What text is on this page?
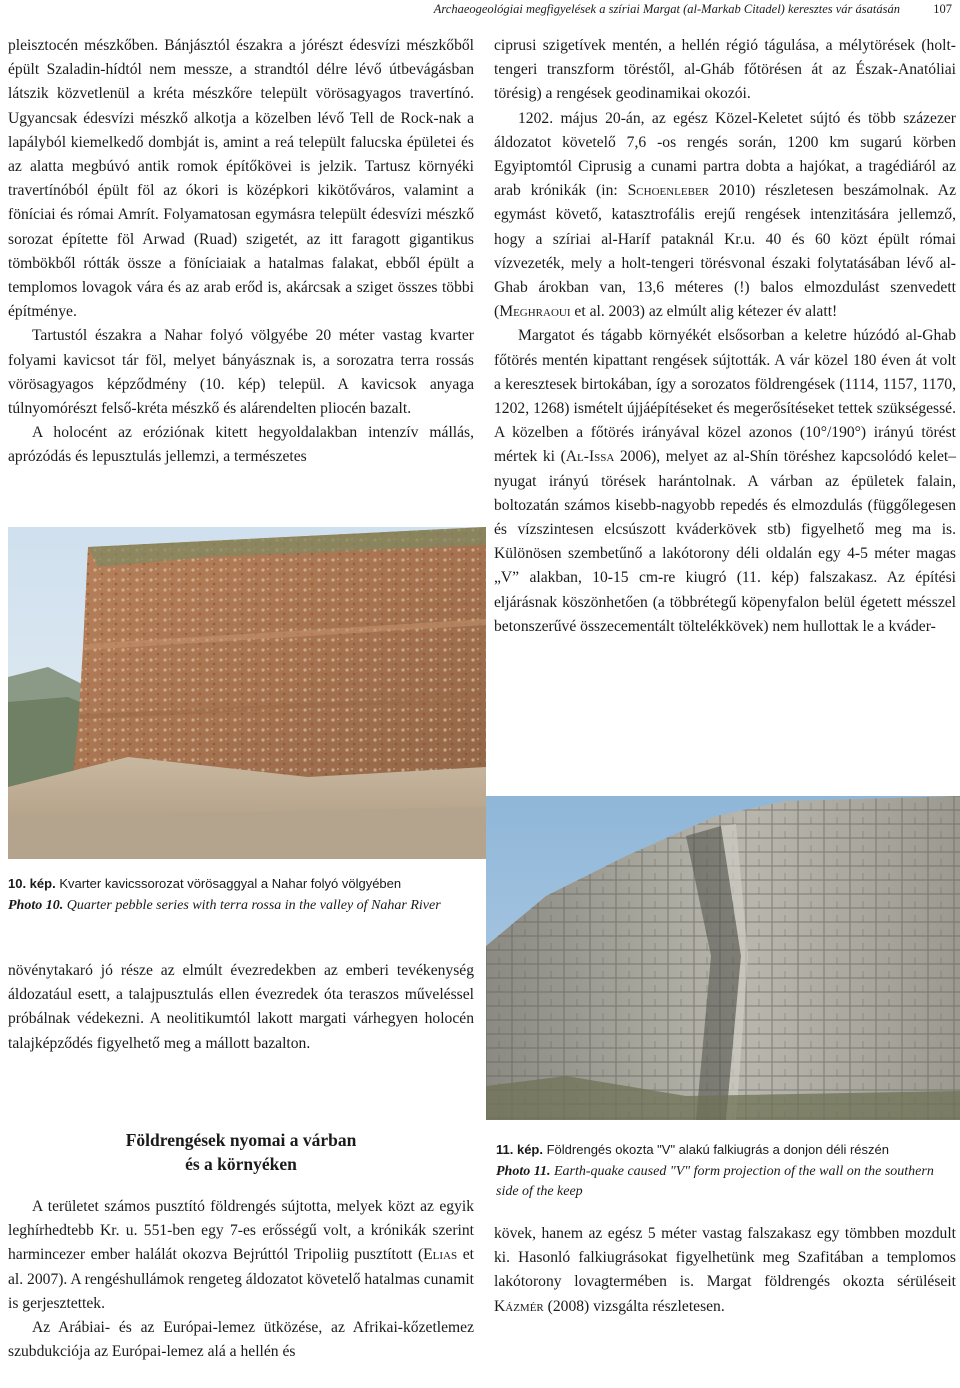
Archaeogeológiai megfigyelések a szíriai Margat (al-Markab Citadel) keresztes vár ásatásán	107

pleisztocén mészkőben. Bánjásztól északra a jórészt édesvízi mészkőből épült Szaladin-hídtól nem messze, a strandtól délre lévő útbevágásban látszik közvetlenül a kréta mészkőre települt vörösagyagos travertínó. Ugyancsak édesvízi mészkő alkotja a közelben lévő Tell de Rock-nak a lapályból kiemelkedő dombját is, amint a reá települt falucska épületei és az alatta megbúvó antik romok építőkövei is jelzik. Tartusz környéki travertínóból épült föl az ókori is középkori kikötőváros, valamint a föníciai és római Amrít. Folyamatosan egymásra települt édesvízi mészkő sorozat építette föl Arwad (Ruad) szigetét, az itt faragott gigantikus tömbökből rótták össze a föníciaiak a hatalmas falakat, ebből épült a templomos lovagok vára és az arab erőd is, akárcsak a sziget összes többi építménye.

Tartustól északra a Nahar folyó völgyébe 20 méter vastag kvarter folyami kavicsot tár föl, melyet bányásznak is, a sorozatra terra rossás vörösagyagos képződmény (10. kép) települ. A kavicsok anyaga túlnyomórészt felső-kréta mészkő és alárendelten pliocén bazalt.

A holocént az eróziónak kitett hegyoldalakban intenzív mállás, aprózódás és lepusztulás jellemzi, a természetes

10. kép. Kvarter kavicssorozat vörösaggyal a Nahar folyó völgyében
Photo 10. Quarter pebble series with terra rossa in the valley of Nahar River

növénytakaró jó része az elmúlt évezredekben az emberi tevékenység áldozatául esett, a talajpusztulás ellen évezredek óta teraszos műveléssel próbálnak védekezni. A neolitikumtól lakott margati várhegyen holocén talajképződés figyelhető meg a mállott bazalton.

Földrengések nyomai a várban
és a környéken

A területet számos pusztító földrengés sújtotta, melyek közt az egyik leghírhedtebb Kr. u. 551-ben egy 7-es erősségű volt, a krónikák szerint harmincezer ember halálát okozva Bejrúttól Tripoliig pusztított (Elias et al. 2007). A rengéshullámok rengeteg áldozatot követelő hatalmas cunamit is gerjesztettek.

Az Arábiai- és az Európai-lemez ütközése, az Afrikai-kőzetlemez szubdukciója az Európai-lemez alá a hellén és

ciprusi szigetívek mentén, a hellén régió tágulása, a mélytörések (holt-tengeri transzform töréstől, al-Gháb főtörésen át az Észak-Anatóliai törésig) a rengések geodinamikai okozói.

1202. május 20-án, az egész Közel-Keletet sújtó és több százezer áldozatot követelő 7,6 -os rengés során, 1200 km sugarú körben Egyiptomtól Ciprusig a cunami partra dobta a hajókat, a tragédiáról az arab krónikák (in: Schoenleber 2010) részletesen beszámolnak. Az egymást követő, katasztrofális erejű rengések intenzitására jellemző, hogy a szíriai al-Haríf pataknál Kr.u. 40 és 60 közt épült római vízvezeték, mely a holt-tengeri törésvonal északi folytatásában lévő al-Ghab árokban van, 13,6 méteres (!) balos elmozdulást szenvedett (Meghraoui et al. 2003) az elmúlt alig kétezer év alatt!

Margatot és tágabb környékét elsősorban a keletre húzódó al-Ghab főtörés mentén kipattant rengések sújtották. A vár közel 180 éven át volt a keresztesek birtokában, így a sorozatos földrengések (1114, 1157, 1170, 1202, 1268) ismételt újjáépítéseket és megerősítéseket tettek szükségessé. A közelben a főtörés irányával közel azonos (10°/190°) irányú törést mértek ki (Al-Issa 2006), melyet az al-Shín töréshez kapcsolódó kelet–nyugat irányú törések harántolnak. A várban az épületek falain, boltozatán számos kisebb-nagyobb repedés és elmozdulás (függőlegesen és vízszintesen elcsúszott kváderkövek stb) figyelhető meg ma is. Különösen szembetűnő a lakótorony déli oldalán egy 4-5 méter magas „V” alakban, 10-15 cm-re kiugró (11. kép) falszakasz. Az építési eljárásnak köszönhetően (a többrétegű köpenyfalon belül égetett mésszel betonszerűvé összecementált töltelékkövek) nem hullottak le a kváder-

11. kép. Földrengés okozta "V" alakú falkiugrás a donjon déli részén
Photo 11. Earth-quake caused "V" form projection of the wall on the southern side of the keep

kövek, hanem az egész 5 méter vastag falszakasz egy tömbben mozdult ki. Hasonló falkiugrásokat figyelhetünk meg Szafitában a templomos lakótorony lovagtermében is. Margat földrengés okozta sérüléseit Kázmér (2008) vizsgálta részletesen.
